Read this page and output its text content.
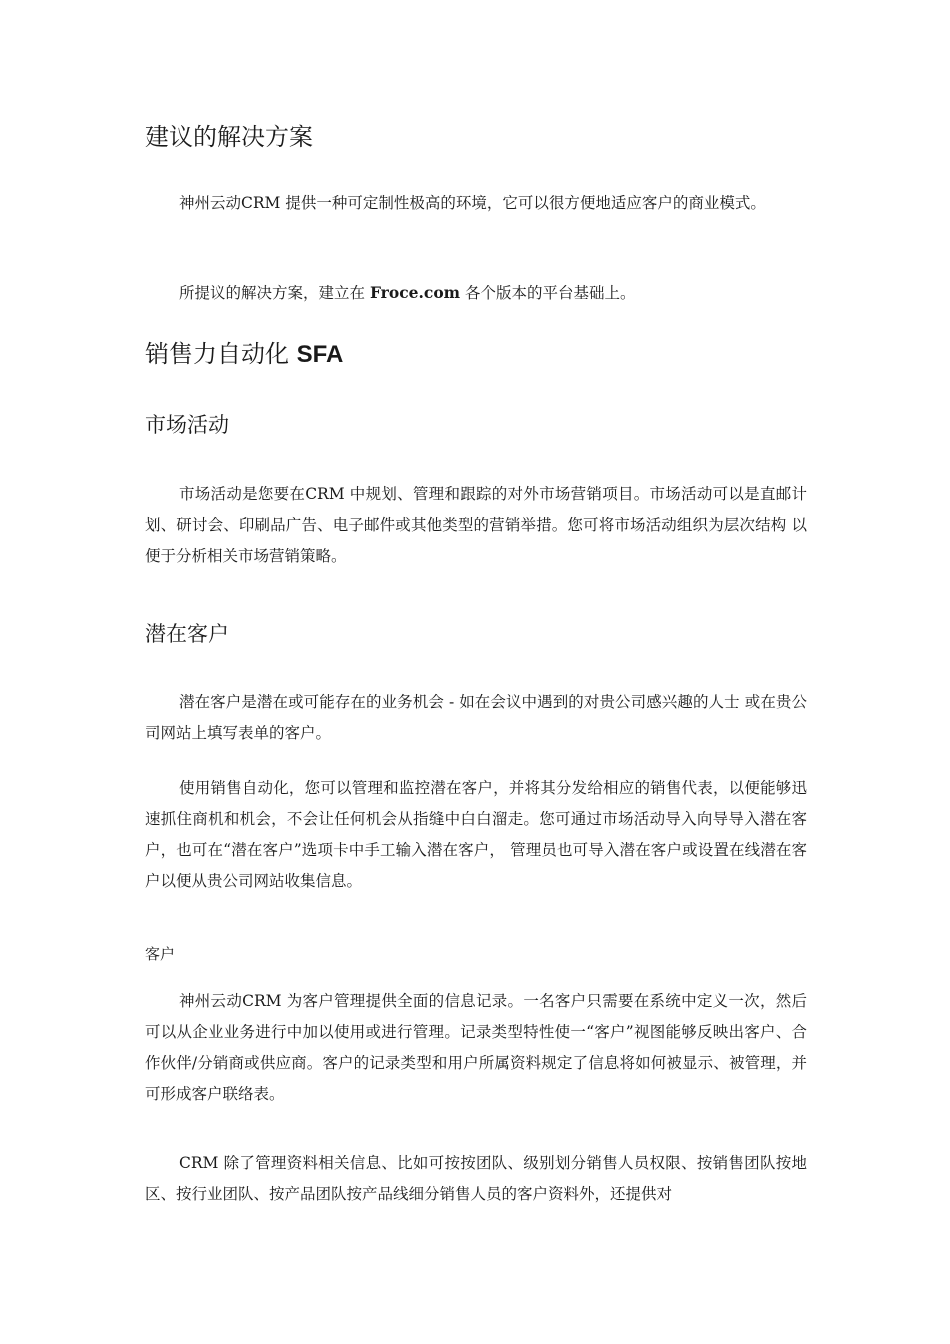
建议的解决方案

神州云动CRM 提供一种可定制性极高的环境，它可以很方便地适应客户的商业模式。

所提议的解决方案，建立在 Froce.com 各个版本的平台基础上。

销售力自动化 SFA
市场活动

市场活动是您要在CRM 中规划、管理和跟踪的对外市场营销项目。市场活动可以是直邮计划、研讨会、印刷品广告、电子邮件或其他类型的营销举措。您可将市场活动组织为层次结构 以便于分析相关市场营销策略。

潜在客户

潜在客户是潜在或可能存在的业务机会 - 如在会议中遇到的对贵公司感兴趣的人士 或在贵公司网站上填写表单的客户。

使用销售自动化，您可以管理和监控潜在客户，并将其分发给相应的销售代表，以便能够迅速抓住商机和机会，不会让任何机会从指缝中白白溜走。您可通过市场活动导入向导导入潜在客户，也可在“潜在客户”选项卡中手工输入潜在客户， 管理员也可导入潜在客户或设置在线潜在客户以便从贵公司网站收集信息。

客户

神州云动CRM 为客户管理提供全面的信息记录。一名客户只需要在系统中定义一次，然后可以从企业业务进行中加以使用或进行管理。记录类型特性使一“客户”视图能够反映出客户、合作伙伴/分销商或供应商。客户的记录类型和用户所属资料规定了信息将如何被显示、被管理，并可形成客户联络表。

CRM 除了管理资料相关信息、比如可按按团队、级别划分销售人员权限、按销售团队按地区、按行业团队、按产品团队按产品线细分销售人员的客户资料外，还提供对
